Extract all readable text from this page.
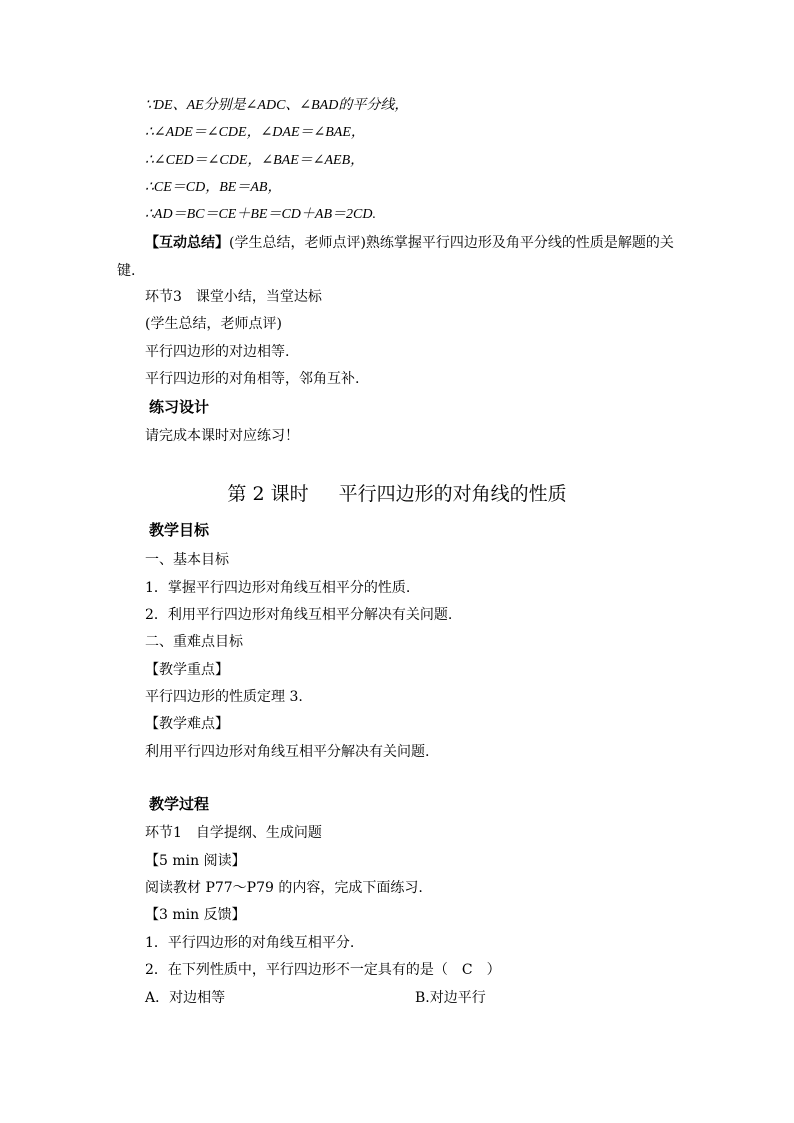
∵DE、AE分别是∠ADC、∠BAD的平分线，
∴∠ADE＝∠CDE，∠DAE＝∠BAE，
∴∠CED＝∠CDE，∠BAE＝∠AEB，
∴CE＝CD，BE＝AB，
∴AD＝BC＝CE＋BE＝CD＋AB＝2CD.
【互动总结】(学生总结，老师点评)熟练掌握平行四边形及角平分线的性质是解题的关
键.
环节3　课堂小结，当堂达标
(学生总结，老师点评)
平行四边形的对边相等.
平行四边形的对角相等，邻角互补.
练习设计
请完成本课时对应练习！
第 2 课时 平行四边形的对角线的性质
教学目标
一、基本目标
1．掌握平行四边形对角线互相平分的性质.
2．利用平行四边形对角线互相平分解决有关问题.
二、重难点目标
【教学重点】
平行四边形的性质定理 3.
【教学难点】
利用平行四边形对角线互相平分解决有关问题.
教学过程
环节1　自学提纲、生成问题
【5 min 阅读】
阅读教材 P77～P79 的内容，完成下面练习.
【3 min 反馈】
1．平行四边形的对角线互相平分.
2．在下列性质中，平行四边形不一定具有的是（　C　）
A．对边相等	B.对边平行
